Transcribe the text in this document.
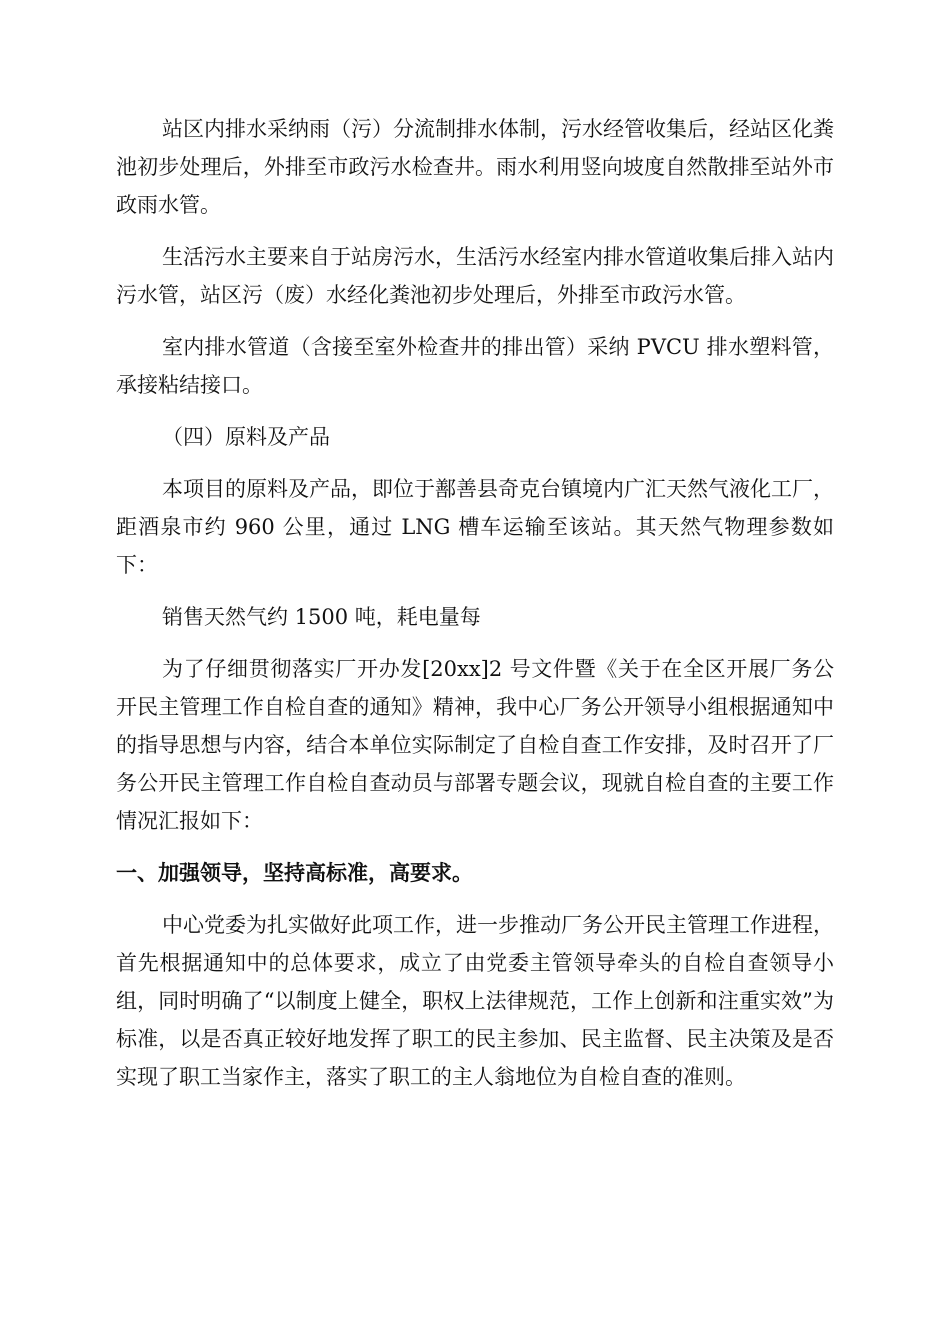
站区内排水采纳雨（污）分流制排水体制，污水经管收集后，经站区化粪池初步处理后，外排至市政污水检查井。雨水利用竖向坡度自然散排至站外市政雨水管。

生活污水主要来自于站房污水，生活污水经室内排水管道收集后排入站内污水管，站区污（废）水经化粪池初步处理后，外排至市政污水管。

室内排水管道（含接至室外检查井的排出管）采纳 PVCU 排水塑料管，承接粘结接口。

（四）原料及产品

本项目的原料及产品，即位于鄯善县奇克台镇境内广汇天然气液化工厂，距酒泉市约 960 公里，通过 LNG 槽车运输至该站。其天然气物理参数如下：

销售天然气约 1500 吨，耗电量每

为了仔细贯彻落实厂开办发[20xx]2 号文件暨《关于在全区开展厂务公开民主管理工作自检自查的通知》精神，我中心厂务公开领导小组根据通知中的指导思想与内容，结合本单位实际制定了自检自查工作安排，及时召开了厂务公开民主管理工作自检自查动员与部署专题会议，现就自检自查的主要工作情况汇报如下：

一、加强领导，坚持高标准，高要求。

中心党委为扎实做好此项工作，进一步推动厂务公开民主管理工作进程，首先根据通知中的总体要求，成立了由党委主管领导牵头的自检自查领导小组，同时明确了“以制度上健全，职权上法律规范，工作上创新和注重实效”为标准，以是否真正较好地发挥了职工的民主参加、民主监督、民主决策及是否实现了职工当家作主，落实了职工的主人翁地位为自检自查的准则。
